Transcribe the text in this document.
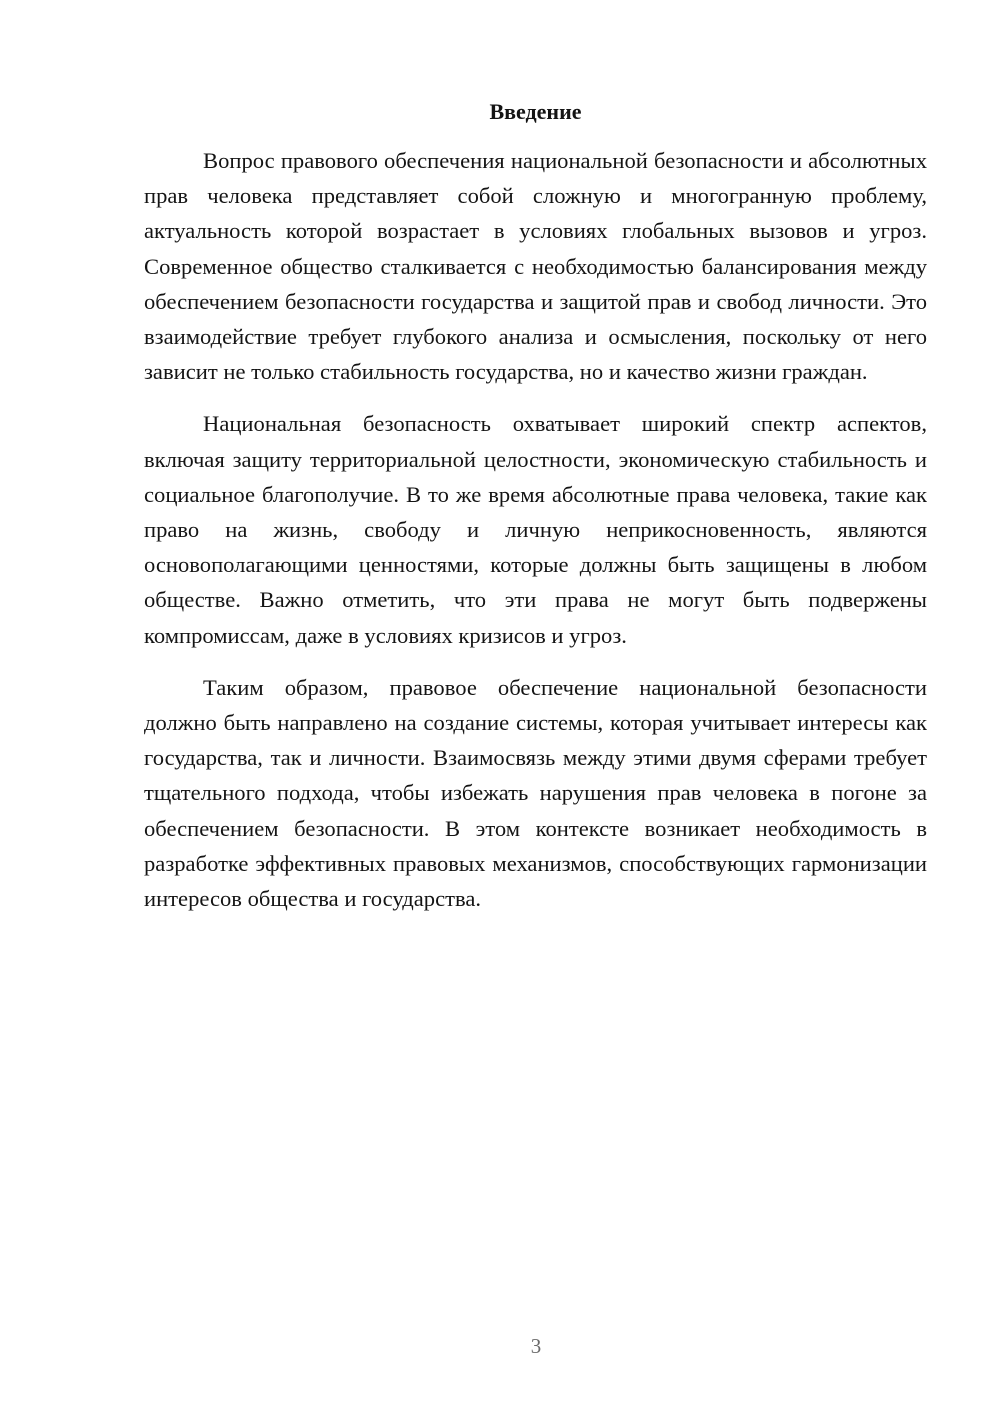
Введение

Вопрос правового обеспечения национальной безопасности и абсолютных прав человека представляет собой сложную и многогранную проблему, актуальность которой возрастает в условиях глобальных вызовов и угроз. Современное общество сталкивается с необходимостью балансирования между обеспечением безопасности государства и защитой прав и свобод личности. Это взаимодействие требует глубокого анализа и осмысления, поскольку от него зависит не только стабильность государства, но и качество жизни граждан.

Национальная безопасность охватывает широкий спектр аспектов, включая защиту территориальной целостности, экономическую стабильность и социальное благополучие. В то же время абсолютные права человека, такие как право на жизнь, свободу и личную неприкосновенность, являются основополагающими ценностями, которые должны быть защищены в любом обществе. Важно отметить, что эти права не могут быть подвержены компромиссам, даже в условиях кризисов и угроз.

Таким образом, правовое обеспечение национальной безопасности должно быть направлено на создание системы, которая учитывает интересы как государства, так и личности. Взаимосвязь между этими двумя сферами требует тщательного подхода, чтобы избежать нарушения прав человека в погоне за обеспечением безопасности. В этом контексте возникает необходимость в разработке эффективных правовых механизмов, способствующих гармонизации интересов общества и государства.

3
